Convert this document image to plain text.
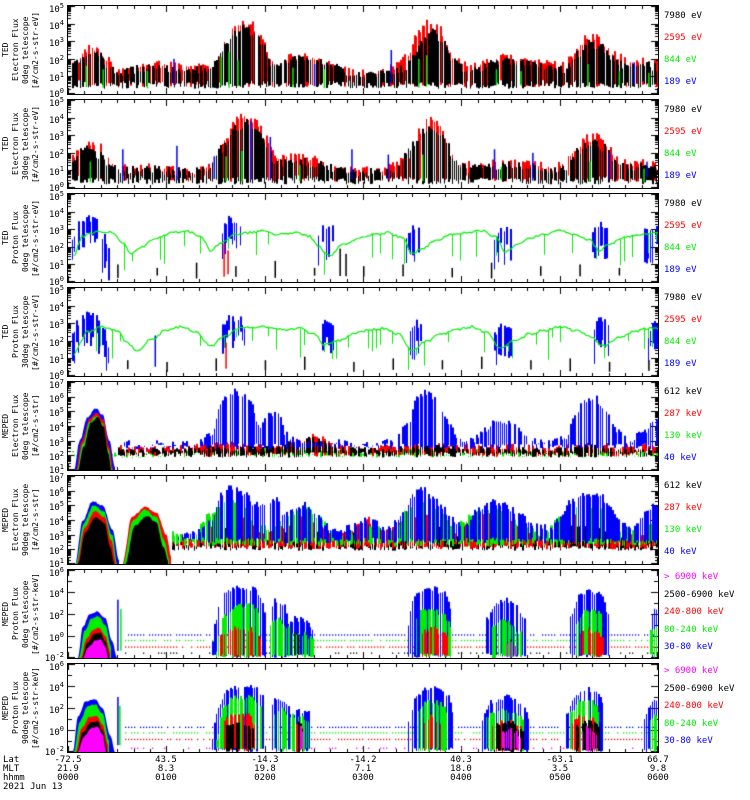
TED Electron Flux 0deg telescope [#/cm2-s-str-eV]
$10^0$
$10^1$
$10^2$
$10^3$
$10^4$
$10^5$
7980 eV
2595 eV
844 eV
189 eV
TED Electron Flux 30deg telescope [#/cm2-s-str-eV]
$10^0$
$10^1$
$10^2$
$10^3$
$10^4$
$10^5$
7980 eV
2595 eV
844 eV
189 eV
TED Proton Flux 0deg telescope [#/cm2-s-str-eV]
$10^0$
$10^1$
$10^2$
$10^3$
$10^4$
$10^5$
7980 eV
2595 eV
844 eV
189 eV
TED Proton Flux 30deg telescope [#/cm2-s-str-eV]
$10^0$
$10^1$
$10^2$
$10^3$
$10^4$
$10^5$
7980 eV
2595 eV
844 eV
189 eV
MEPED Electron Flux 0deg telescope [#/cm2-s-str]
$10^1$
$10^2$
$10^3$
$10^4$
$10^5$
$10^6$
$10^7$
612 keV
287 keV
130 keV
40 keV
MEPED Electron Flux 90deg telescope [#/cm2-s-str]
$10^1$
$10^2$
$10^3$
$10^4$
$10^5$
$10^6$
$10^7$
612 keV
287 keV
130 keV
40 keV
MEPED Proton Flux 0deg telescope [#/cm2-s-str-keV]
$10^{-2}$
$10^0$
$10^2$
$10^4$
$10^6$
> 6900 keV
2500-6900 keV
240-800 keV
80-240 keV
30-80 keV
MEPED Proton Flux 90deg telescope [#/cm2-s-str-keV]
$10^{-2}$
$10^0$
$10^2$
$10^4$
$10^6$
> 6900 keV
2500-6900 keV
240-800 keV
80-240 keV
30-80 keV
Lat
MLT
hhmm
2021 Jun 13
-72.5
21.9
0000
43.5
8.3
0100
-14.3
19.8
0200
-14.2
7.1
0300
40.3
18.0
0400
-63.1
3.5
0500
66.7
9.8
0600
